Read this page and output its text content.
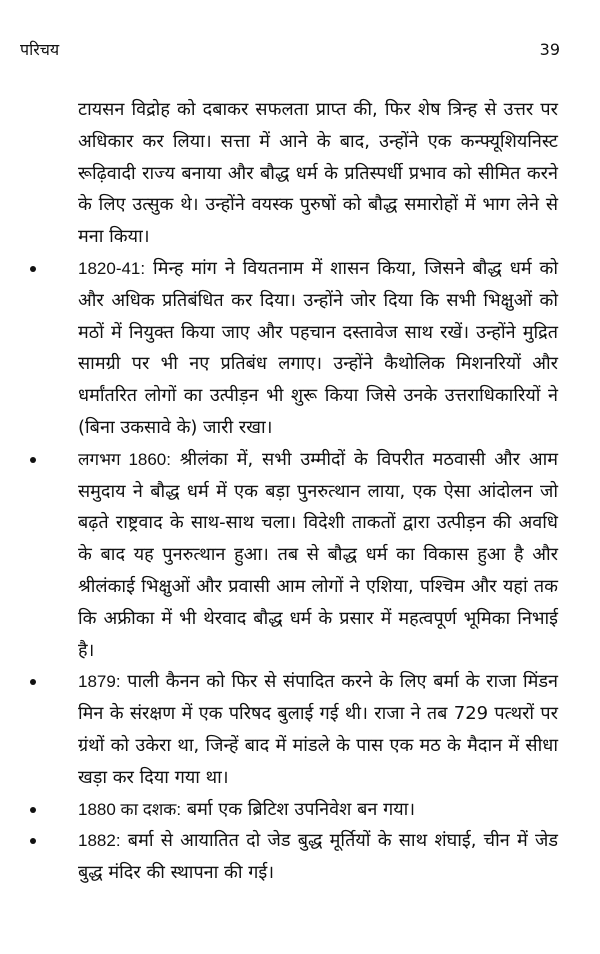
परिचय	39

टायसन विद्रोह को दबाकर सफलता प्राप्त की, फिर शेष त्रिन्ह से उत्तर पर अधिकार कर लिया। सत्ता में आने के बाद, उन्होंने एक कन्फ्यूशियनिस्ट रूढ़िवादी राज्य बनाया और बौद्ध धर्म के प्रतिस्पर्धी प्रभाव को सीमित करने के लिए उत्सुक थे। उन्होंने वयस्क पुरुषों को बौद्ध समारोहों में भाग लेने से मना किया।

1820-41: मिन्ह मांग ने वियतनाम में शासन किया, जिसने बौद्ध धर्म को और अधिक प्रतिबंधित कर दिया। उन्होंने जोर दिया कि सभी भिक्षुओं को मठों में नियुक्त किया जाए और पहचान दस्तावेज साथ रखें। उन्होंने मुद्रित सामग्री पर भी नए प्रतिबंध लगाए। उन्होंने कैथोलिक मिशनरियों और धर्मांतरित लोगों का उत्पीड़न भी शुरू किया जिसे उनके उत्तराधिकारियों ने (बिना उकसावे के) जारी रखा।
लगभग 1860: श्रीलंका में, सभी उम्मीदों के विपरीत मठवासी और आम समुदाय ने बौद्ध धर्म में एक बड़ा पुनरुत्थान लाया, एक ऐसा आंदोलन जो बढ़ते राष्ट्रवाद के साथ-साथ चला। विदेशी ताकतों द्वारा उत्पीड़न की अवधि के बाद यह पुनरुत्थान हुआ। तब से बौद्ध धर्म का विकास हुआ है और श्रीलंकाई भिक्षुओं और प्रवासी आम लोगों ने एशिया, पश्चिम और यहां तक कि अफ्रीका में भी थेरवाद बौद्ध धर्म के प्रसार में महत्वपूर्ण भूमिका निभाई है।
1879: पाली कैनन को फिर से संपादित करने के लिए बर्मा के राजा मिंडन मिन के संरक्षण में एक परिषद बुलाई गई थी। राजा ने तब 729 पत्थरों पर ग्रंथों को उकेरा था, जिन्हें बाद में मांडले के पास एक मठ के मैदान में सीधा खड़ा कर दिया गया था।
1880 का दशक: बर्मा एक ब्रिटिश उपनिवेश बन गया।
1882: बर्मा से आयातित दो जेड बुद्ध मूर्तियों के साथ शंघाई, चीन में जेड बुद्ध मंदिर की स्थापना की गई।
